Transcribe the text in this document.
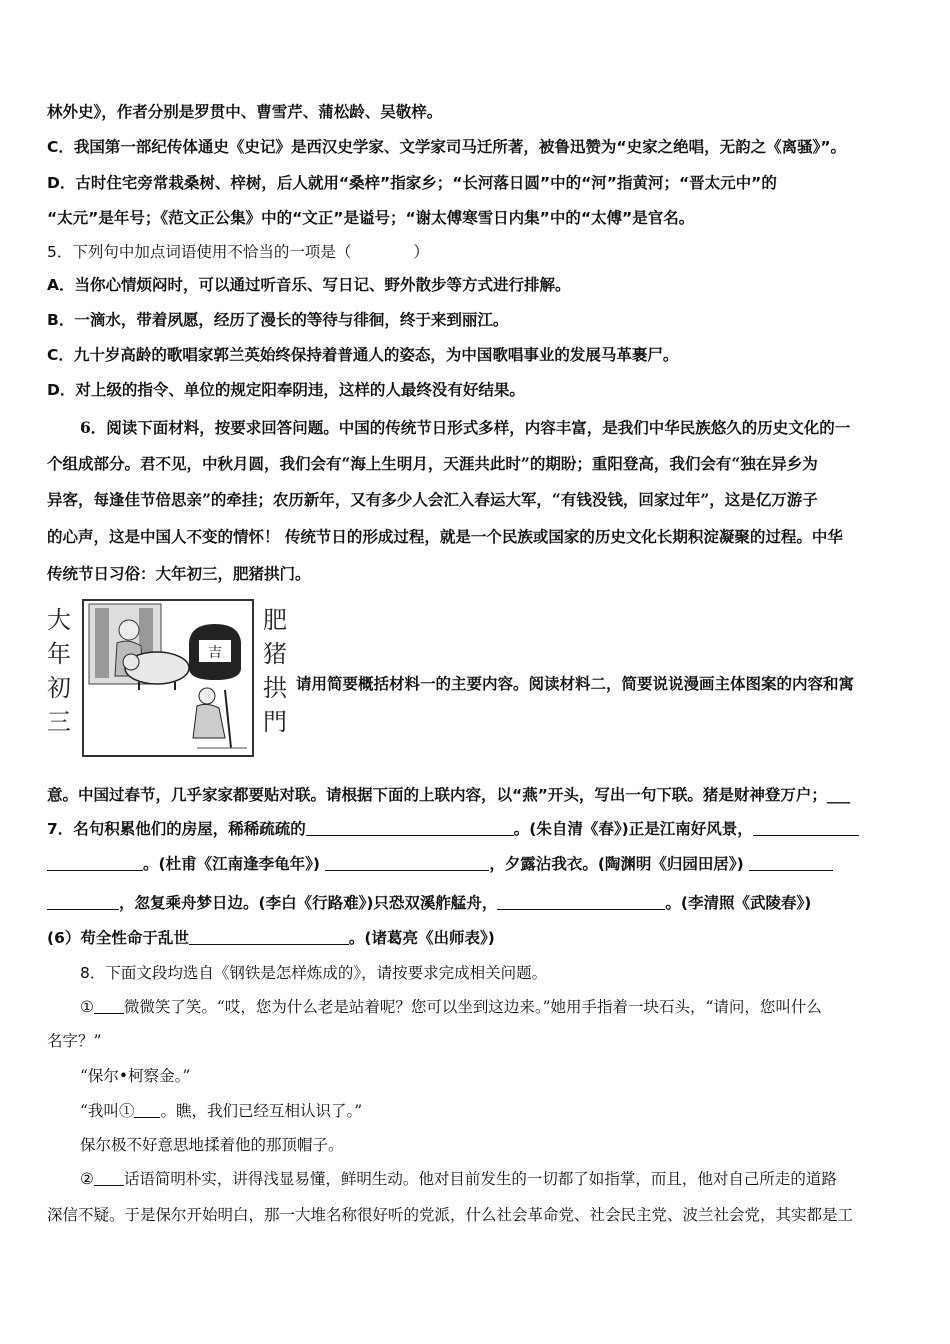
林外史》，作者分别是罗贯中、曹雪芹、蒲松龄、吴敬梓。
C．我国第一部纪传体通史《史记》是西汉史学家、文学家司马迁所著，被鲁迅赞为“史家之绝唱，无韵之《离骚》”。
D．古时住宅旁常栽桑树、梓树，后人就用“桑梓”指家乡；“长河落日圆”中的“河”指黄河；“晋太元中”的
“太元”是年号；《范文正公集》中的“文正”是谥号；“谢太傅寒雪日内集”中的“太傅”是官名。
5．下列句中加点词语使用不恰当的一项是（　　　　）
A．当你心情烦闷时，可以通过听音乐、写日记、野外散步等方式进行排解。
B．一滴水，带着夙愿，经历了漫长的等待与徘徊，终于来到丽江。
C．九十岁高龄的歌唱家郭兰英始终保持着普通人的姿态，为中国歌唱事业的发展马革裹尸。
D．对上级的指令、单位的规定阳奉阴违，这样的人最终没有好结果。
6．阅读下面材料，按要求回答问题。中国的传统节日形式多样，内容丰富，是我们中华民族悠久的历史文化的一
个组成部分。君不见，中秋月圆，我们会有“海上生明月，天涯共此时”的期盼；重阳登高，我们会有“独在异乡为
异客，每逢佳节倍思亲”的牵挂；农历新年，又有多少人会汇入春运大军，“有钱没钱，回家过年”，这是亿万游子
的心声，这是中国人不变的情怀！ 传统节日的形成过程，就是一个民族或国家的历史文化长期积淀凝聚的过程。中华
传统节日习俗：大年初三，肥猪拱门。
吉
大
年
初
三
肥
猪
拱
門
请用简要概括材料一的主要内容。阅读材料二，简要说说漫画主体图案的内容和寓
意。中国过春节，几乎家家都要贴对联。请根据下面的上联内容，以“燕”开头，写出一句下联。猪是财神登万户；___
7．名句积累他们的房屋，稀稀疏疏的	。(朱自清《春》)正是江南好风景，
。(杜甫《江南逢李龟年》)	，夕露沾我衣。(陶渊明《归园田居》)
，忽复乘舟梦日边。(李白《行路难》)只恐双溪舴艋舟，	。(李清照《武陵春》)
(6）苟全性命于乱世	。(诸葛亮《出师表》)
8．下面文段均选自《钢铁是怎样炼成的》，请按要求完成相关问题。
① 微微笑了笑。“哎，您为什么老是站着呢？您可以坐到这边来。”她用手指着一块石头，“请问，您叫什么
名字？”
“保尔•柯察金。”
“我叫① 。瞧，我们已经互相认识了。”
保尔极不好意思地揉着他的那顶帽子。
② 话语简明朴实，讲得浅显易懂，鲜明生动。他对目前发生的一切都了如指掌，而且，他对自己所走的道路
深信不疑。于是保尔开始明白，那一大堆名称很好听的党派，什么社会革命党、社会民主党、波兰社会党，其实都是工
